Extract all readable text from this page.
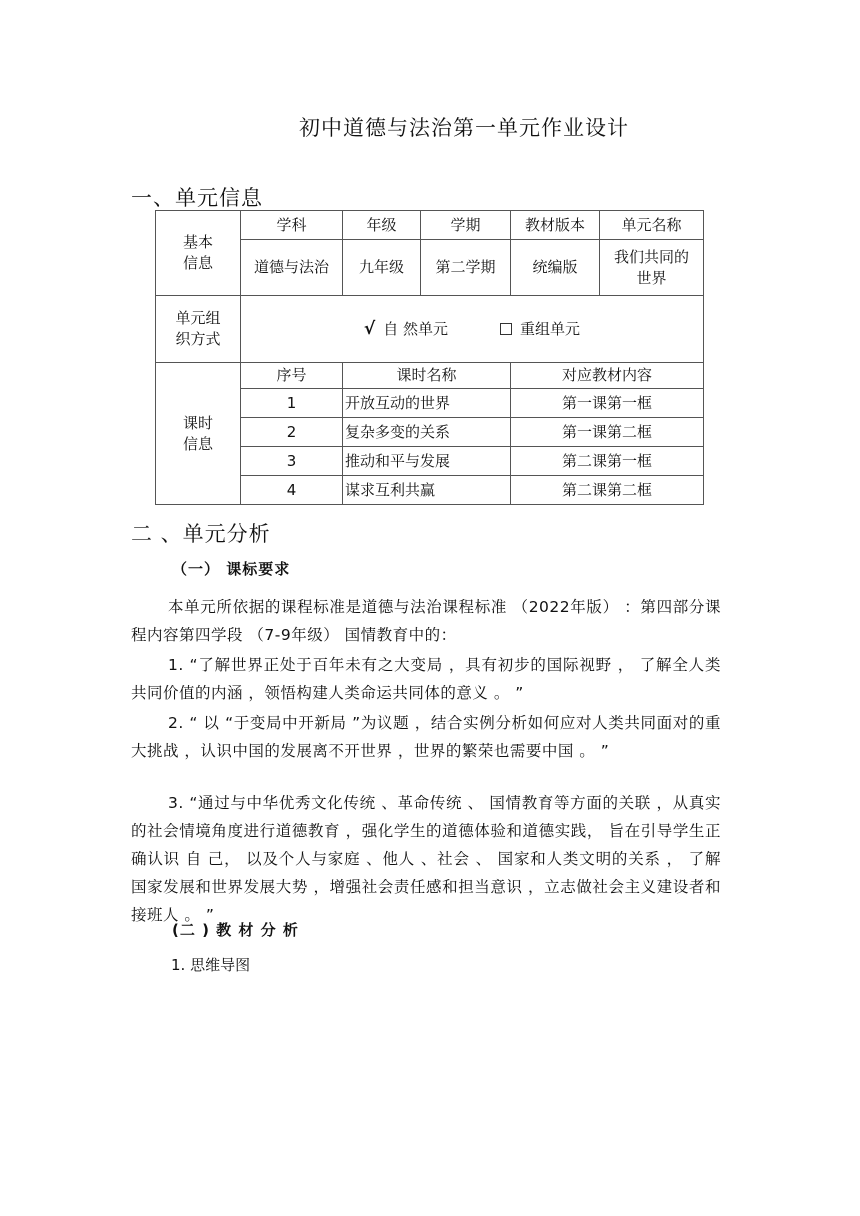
初中道德与法治第一单元作业设计
一、单元信息
基本
信息	学科	年级	学期	教材版本	单元名称
	道德与法治	九年级	第二学期	统编版	我们共同的
世界
单元组
织方式	√ 自 然单元 重组单元				
课时
信息	序号	课时名称		对应教材内容	
	1	开放互动的世界		第一课第一框	
	2	复杂多变的关系		第一课第二框	
	3	推动和平与发展		第二课第一框	
	4	谋求互利共赢		第二课第二框	
二 、单元分析
（一） 课标要求
本单元所依据的课程标准是道德与法治课程标准 （2022年版） ：第四部分课程内容第四学段 （7-9年级） 国情教育中的：
1. “了解世界正处于百年未有之大变局 ，具有初步的国际视野 ， 了解全人类共同价值的内涵 ，领悟构建人类命运共同体的意义 。 ”
2. “ 以 “于变局中开新局 ”为议题 ，结合实例分析如何应对人类共同面对的重大挑战 ，认识中国的发展离不开世界 ，世界的繁荣也需要中国 。 ”
3. “通过与中华优秀文化传统 、革命传统 、 国情教育等方面的关联 ，从真实的社会情境角度进行道德教育 ，强化学生的道德体验和道德实践， 旨在引导学生正确认识 自 己， 以及个人与家庭 、他人 、社会 、 国家和人类文明的关系 ， 了解国家发展和世界发展大势 ，增强社会责任感和担当意识 ，立志做社会主义建设者和接班人 。 ”
(二 ) 教 材 分 析
1. 思维导图
